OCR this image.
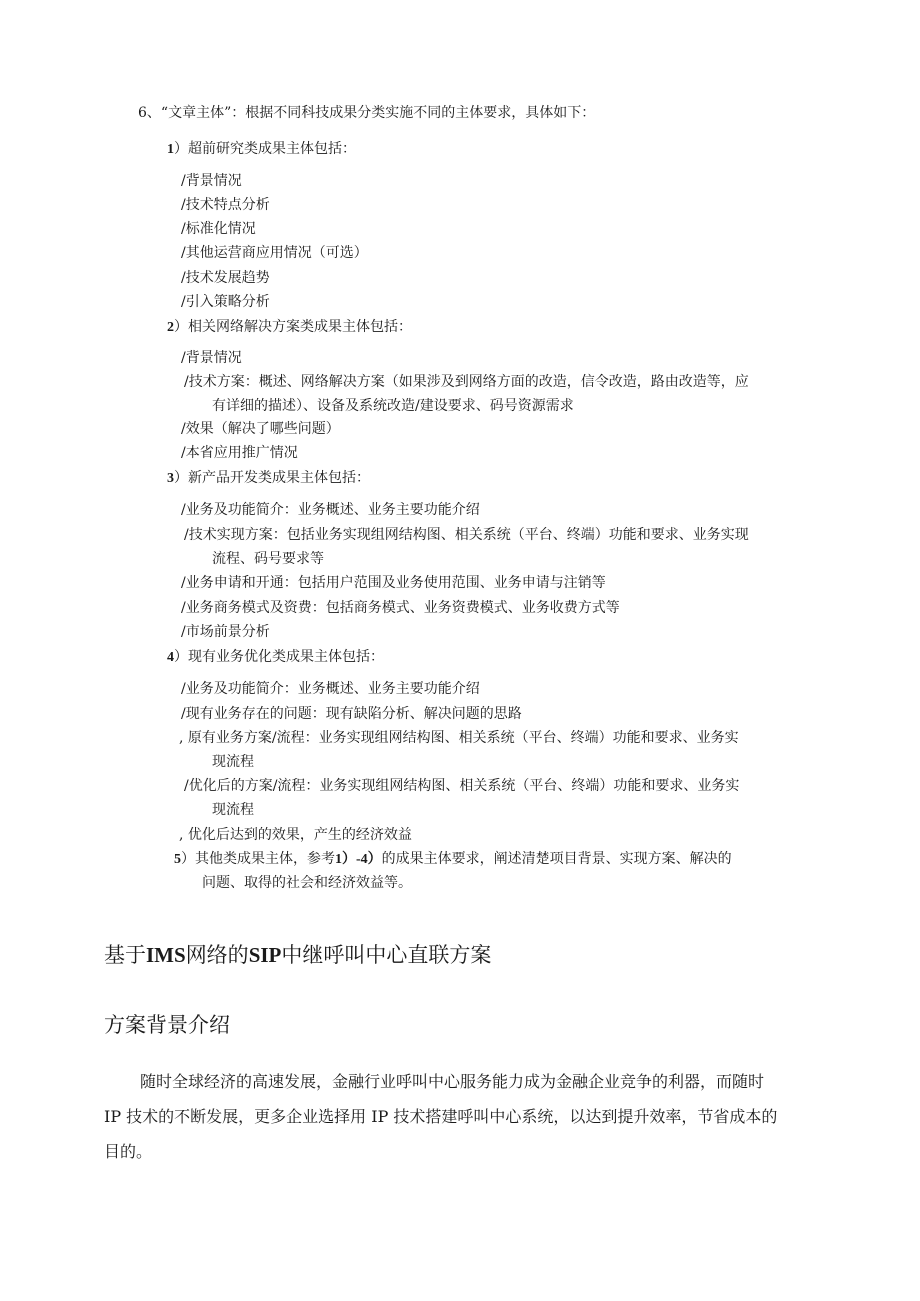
6、“文章主体”：根据不同科技成果分类实施不同的主体要求，具体如下：
1）超前研究类成果主体包括：
/背景情况
/技术特点分析
/标准化情况
/其他运营商应用情况（可选）
/技术发展趋势
/引入策略分析
2）相关网络解决方案类成果主体包括：
/背景情况
/技术方案：概述、网络解决方案（如果涉及到网络方面的改造，信令改造，路由改造等，应
有详细的描述）、设备及系统改造/建设要求、码号资源需求
/效果（解决了哪些问题）
/本省应用推广情况
3）新产品开发类成果主体包括：
/业务及功能简介：业务概述、业务主要功能介绍
/技术实现方案：包括业务实现组网结构图、相关系统（平台、终端）功能和要求、业务实现
流程、码号要求等
/业务申请和开通：包括用户范围及业务使用范围、业务申请与注销等
/业务商务模式及资费：包括商务模式、业务资费模式、业务收费方式等
/市场前景分析
4）现有业务优化类成果主体包括：
/业务及功能简介：业务概述、业务主要功能介绍
/现有业务存在的问题：现有缺陷分析、解决问题的思路
, 原有业务方案/流程：业务实现组网结构图、相关系统（平台、终端）功能和要求、业务实
现流程
/优化后的方案/流程：业务实现组网结构图、相关系统（平台、终端）功能和要求、业务实
现流程
, 优化后达到的效果，产生的经济效益
5）其他类成果主体，参考1）-4）的成果主体要求，阐述清楚项目背景、实现方案、解决的
问题、取得的社会和经济效益等。
基于IMS网络的SIP中继呼叫中心直联方案
方案背景介绍
随时全球经济的高速发展，金融行业呼叫中心服务能力成为金融企业竞争的利器，而随时
IP 技术的不断发展，更多企业选择用 IP 技术搭建呼叫中心系统，以达到提升效率，节省成本的
目的。
